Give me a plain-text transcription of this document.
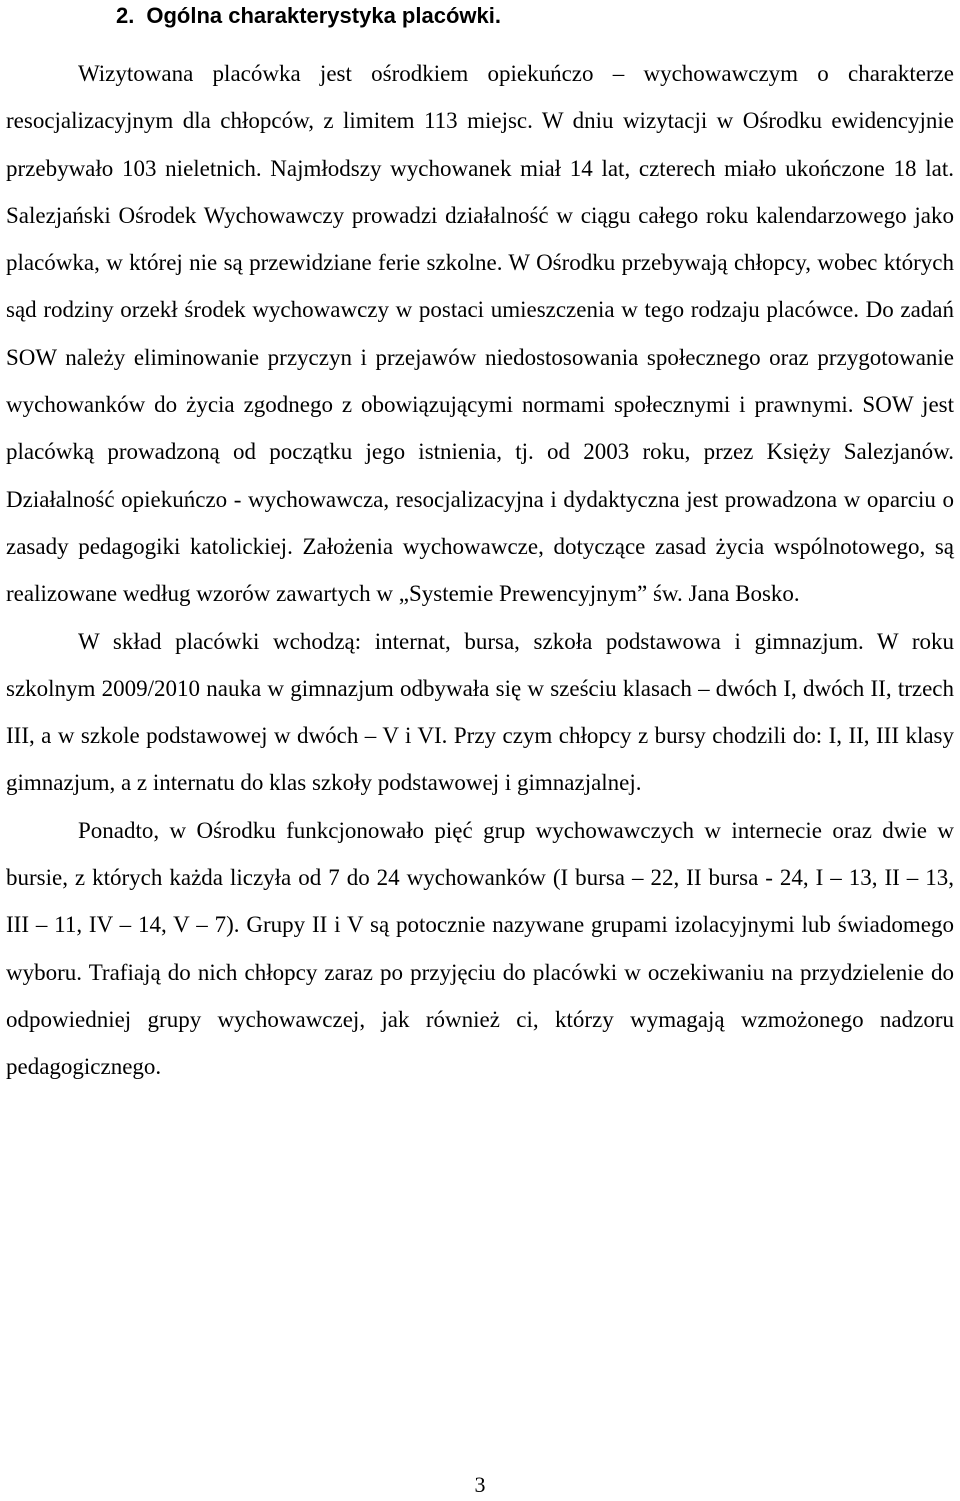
2. Ogólna charakterystyka placówki.

Wizytowana placówka jest ośrodkiem opiekuńczo – wychowawczym o charakterze resocjalizacyjnym dla chłopców, z limitem 113 miejsc. W dniu wizytacji w Ośrodku ewidencyjnie przebywało 103 nieletnich. Najmłodszy wychowanek miał 14 lat, czterech miało ukończone 18 lat. Salezjański Ośrodek Wychowawczy prowadzi działalność w ciągu całego roku kalendarzowego jako placówka, w której nie są przewidziane ferie szkolne. W Ośrodku przebywają chłopcy, wobec których sąd rodziny orzekł środek wychowawczy w postaci umieszczenia w tego rodzaju placówce. Do zadań SOW należy eliminowanie przyczyn i przejawów niedostosowania społecznego oraz przygotowanie wychowanków do życia zgodnego z obowiązującymi normami społecznymi i prawnymi. SOW jest placówką prowadzoną od początku jego istnienia, tj. od 2003 roku, przez Księży Salezjanów. Działalność opiekuńczo - wychowawcza, resocjalizacyjna i dydaktyczna jest prowadzona w oparciu o zasady pedagogiki katolickiej. Założenia wychowawcze, dotyczące zasad życia wspólnotowego, są realizowane według wzorów zawartych w „Systemie Prewencyjnym” św. Jana Bosko.

W skład placówki wchodzą: internat, bursa, szkoła podstawowa i gimnazjum. W roku szkolnym 2009/2010 nauka w gimnazjum odbywała się w sześciu klasach – dwóch I, dwóch II, trzech III, a w szkole podstawowej w dwóch – V i VI. Przy czym chłopcy z bursy chodzili do: I, II, III klasy gimnazjum, a z internatu do klas szkoły podstawowej i gimnazjalnej.

Ponadto, w Ośrodku funkcjonowało pięć grup wychowawczych w internecie oraz dwie w bursie, z których każda liczyła od 7 do 24 wychowanków (I bursa – 22, II bursa - 24, I – 13, II – 13, III – 11, IV – 14, V – 7). Grupy II i V są potocznie nazywane grupami izolacyjnymi lub świadomego wyboru. Trafiają do nich chłopcy zaraz po przyjęciu do placówki w oczekiwaniu na przydzielenie do odpowiedniej grupy wychowawczej, jak również ci, którzy wymagają wzmożonego nadzoru pedagogicznego.

3
